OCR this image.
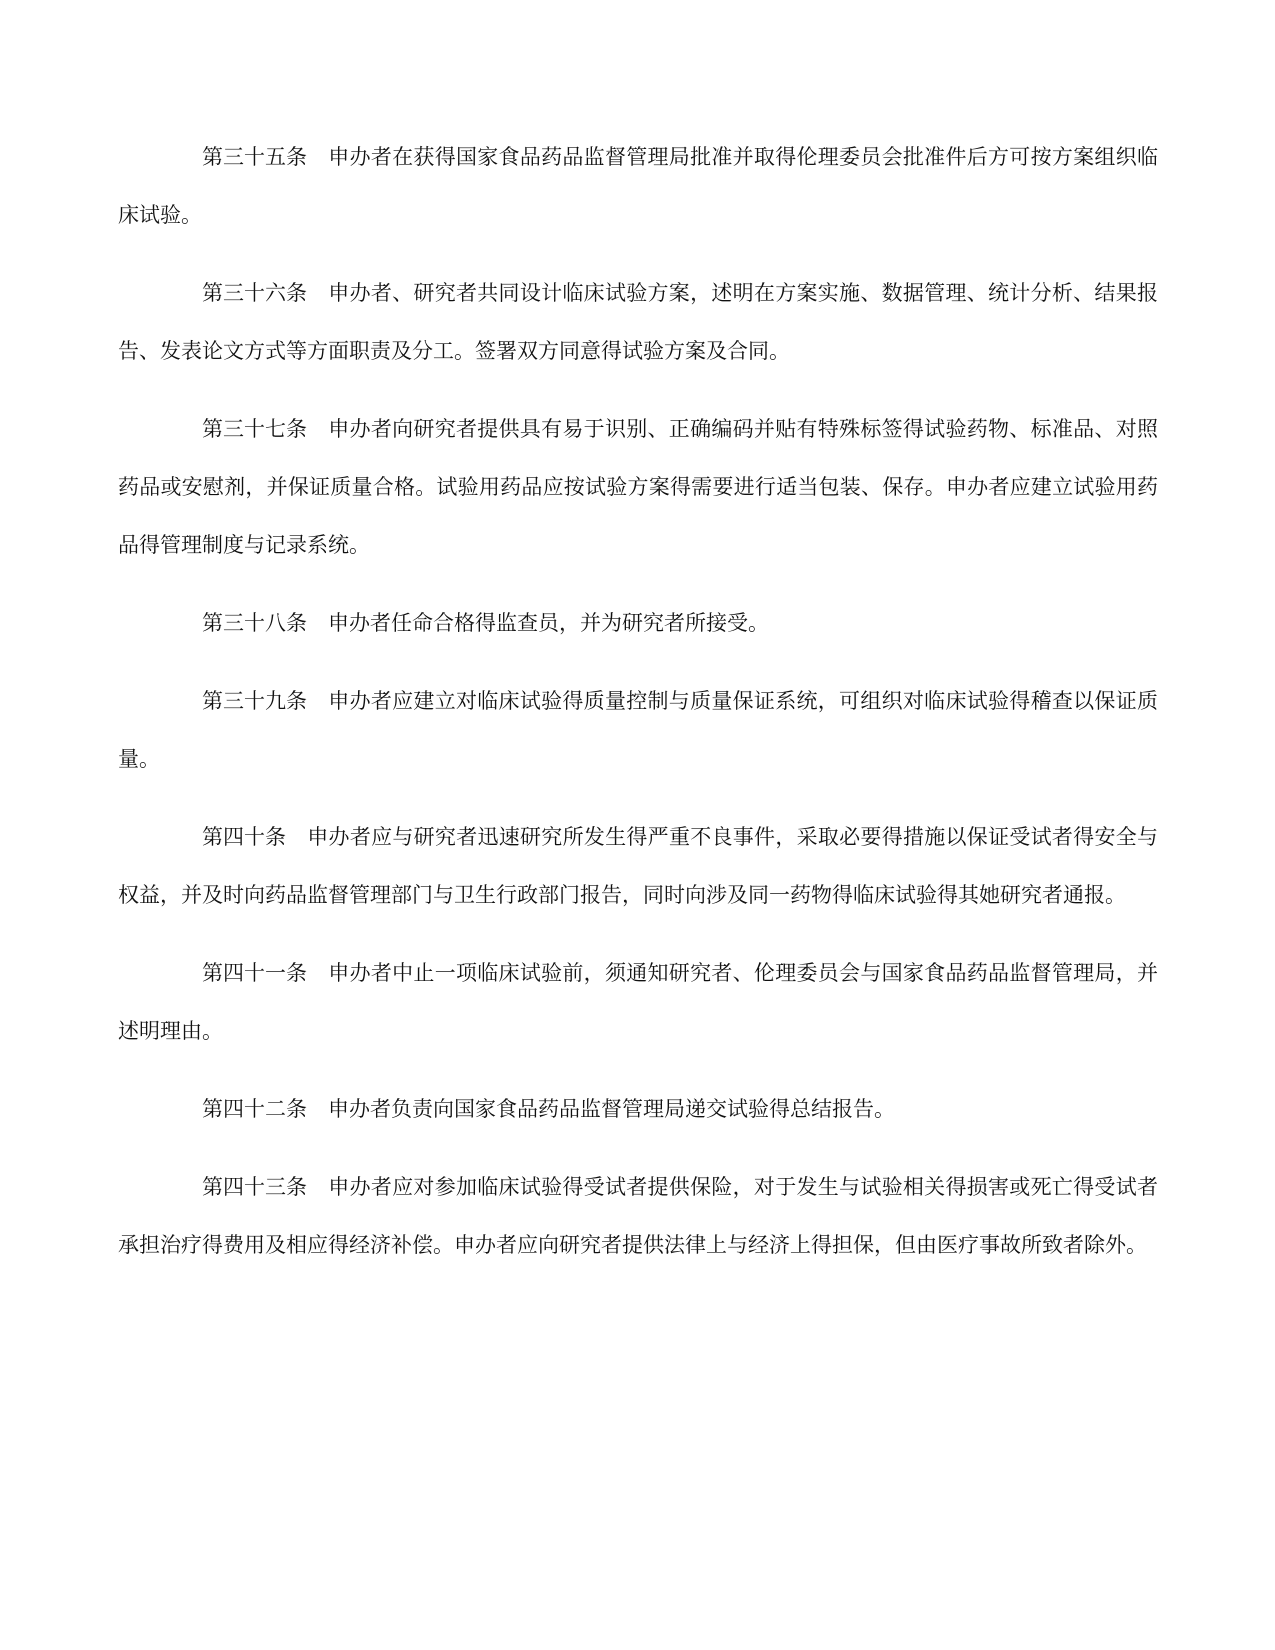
第三十五条 申办者在获得国家食品药品监督管理局批准并取得伦理委员会批准件后方可按方案组织临床试验。

第三十六条 申办者、研究者共同设计临床试验方案，述明在方案实施、数据管理、统计分析、结果报告、发表论文方式等方面职责及分工。签署双方同意得试验方案及合同。

第三十七条 申办者向研究者提供具有易于识别、正确编码并贴有特殊标签得试验药物、标准品、对照药品或安慰剂，并保证质量合格。试验用药品应按试验方案得需要进行适当包装、保存。申办者应建立试验用药品得管理制度与记录系统。

第三十八条 申办者任命合格得监查员，并为研究者所接受。

第三十九条 申办者应建立对临床试验得质量控制与质量保证系统，可组织对临床试验得稽查以保证质量。

第四十条 申办者应与研究者迅速研究所发生得严重不良事件，采取必要得措施以保证受试者得安全与权益，并及时向药品监督管理部门与卫生行政部门报告，同时向涉及同一药物得临床试验得其她研究者通报。

第四十一条 申办者中止一项临床试验前，须通知研究者、伦理委员会与国家食品药品监督管理局，并述明理由。

第四十二条 申办者负责向国家食品药品监督管理局递交试验得总结报告。

第四十三条 申办者应对参加临床试验得受试者提供保险，对于发生与试验相关得损害或死亡得受试者承担治疗得费用及相应得经济补偿。申办者应向研究者提供法律上与经济上得担保，但由医疗事故所致者除外。
